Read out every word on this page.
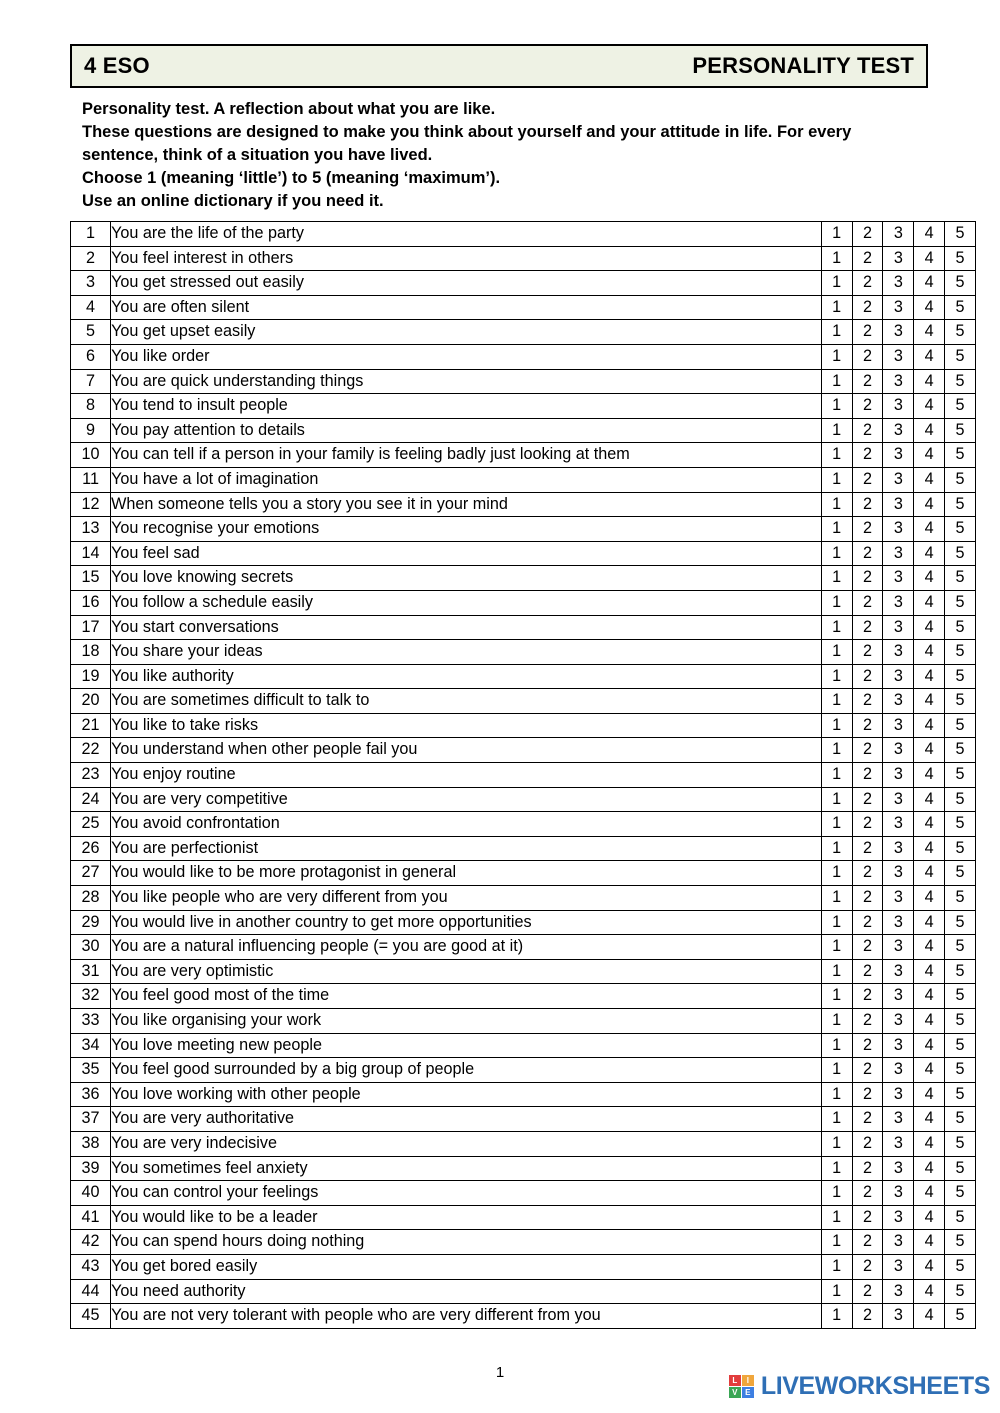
4 ESO	PERSONALITY TEST
Personality test. A reflection about what you are like.
These questions are designed to make you think about yourself and your attitude in life. For every sentence, think of a situation you have lived.
Choose 1 (meaning ‘little’) to 5 (meaning ‘maximum’).
Use an online dictionary if you need it.
1	You are the life of the party	1	2	3	4	5
2	You feel interest in others	1	2	3	4	5
3	You get stressed out easily	1	2	3	4	5
4	You are often silent	1	2	3	4	5
5	You get upset easily	1	2	3	4	5
6	You like order	1	2	3	4	5
7	You are quick understanding things	1	2	3	4	5
8	You tend to insult people	1	2	3	4	5
9	You pay attention to details	1	2	3	4	5
10	You can tell if a person in your family is feeling badly just looking at them	1	2	3	4	5
11	You have a lot of imagination	1	2	3	4	5
12	When someone tells you a story you see it in your mind	1	2	3	4	5
13	You recognise your emotions	1	2	3	4	5
14	You feel sad	1	2	3	4	5
15	You love knowing secrets	1	2	3	4	5
16	You follow a schedule easily	1	2	3	4	5
17	You start conversations	1	2	3	4	5
18	You share your ideas	1	2	3	4	5
19	You like authority	1	2	3	4	5
20	You are sometimes difficult to talk to	1	2	3	4	5
21	You like to take risks	1	2	3	4	5
22	You understand when other people fail you	1	2	3	4	5
23	You enjoy routine	1	2	3	4	5
24	You are very competitive	1	2	3	4	5
25	You avoid confrontation	1	2	3	4	5
26	You are perfectionist	1	2	3	4	5
27	You would like to be more protagonist in general	1	2	3	4	5
28	You like people who are very different from you	1	2	3	4	5
29	You would live in another country to get more opportunities	1	2	3	4	5
30	You are a natural influencing people (= you are good at it)	1	2	3	4	5
31	You are very optimistic	1	2	3	4	5
32	You feel good most of the time	1	2	3	4	5
33	You like organising your work	1	2	3	4	5
34	You love meeting new people	1	2	3	4	5
35	You feel good surrounded by a big group of people	1	2	3	4	5
36	You love working with other people	1	2	3	4	5
37	You are very authoritative	1	2	3	4	5
38	You are very indecisive	1	2	3	4	5
39	You sometimes feel anxiety	1	2	3	4	5
40	You can control your feelings	1	2	3	4	5
41	You would like to be a leader	1	2	3	4	5
42	You can spend hours doing nothing	1	2	3	4	5
43	You get bored easily	1	2	3	4	5
44	You need authority	1	2	3	4	5
45	You are not very tolerant with people who are very different from you	1	2	3	4	5
1	L	I
V E LIVEWORKSHEETS
